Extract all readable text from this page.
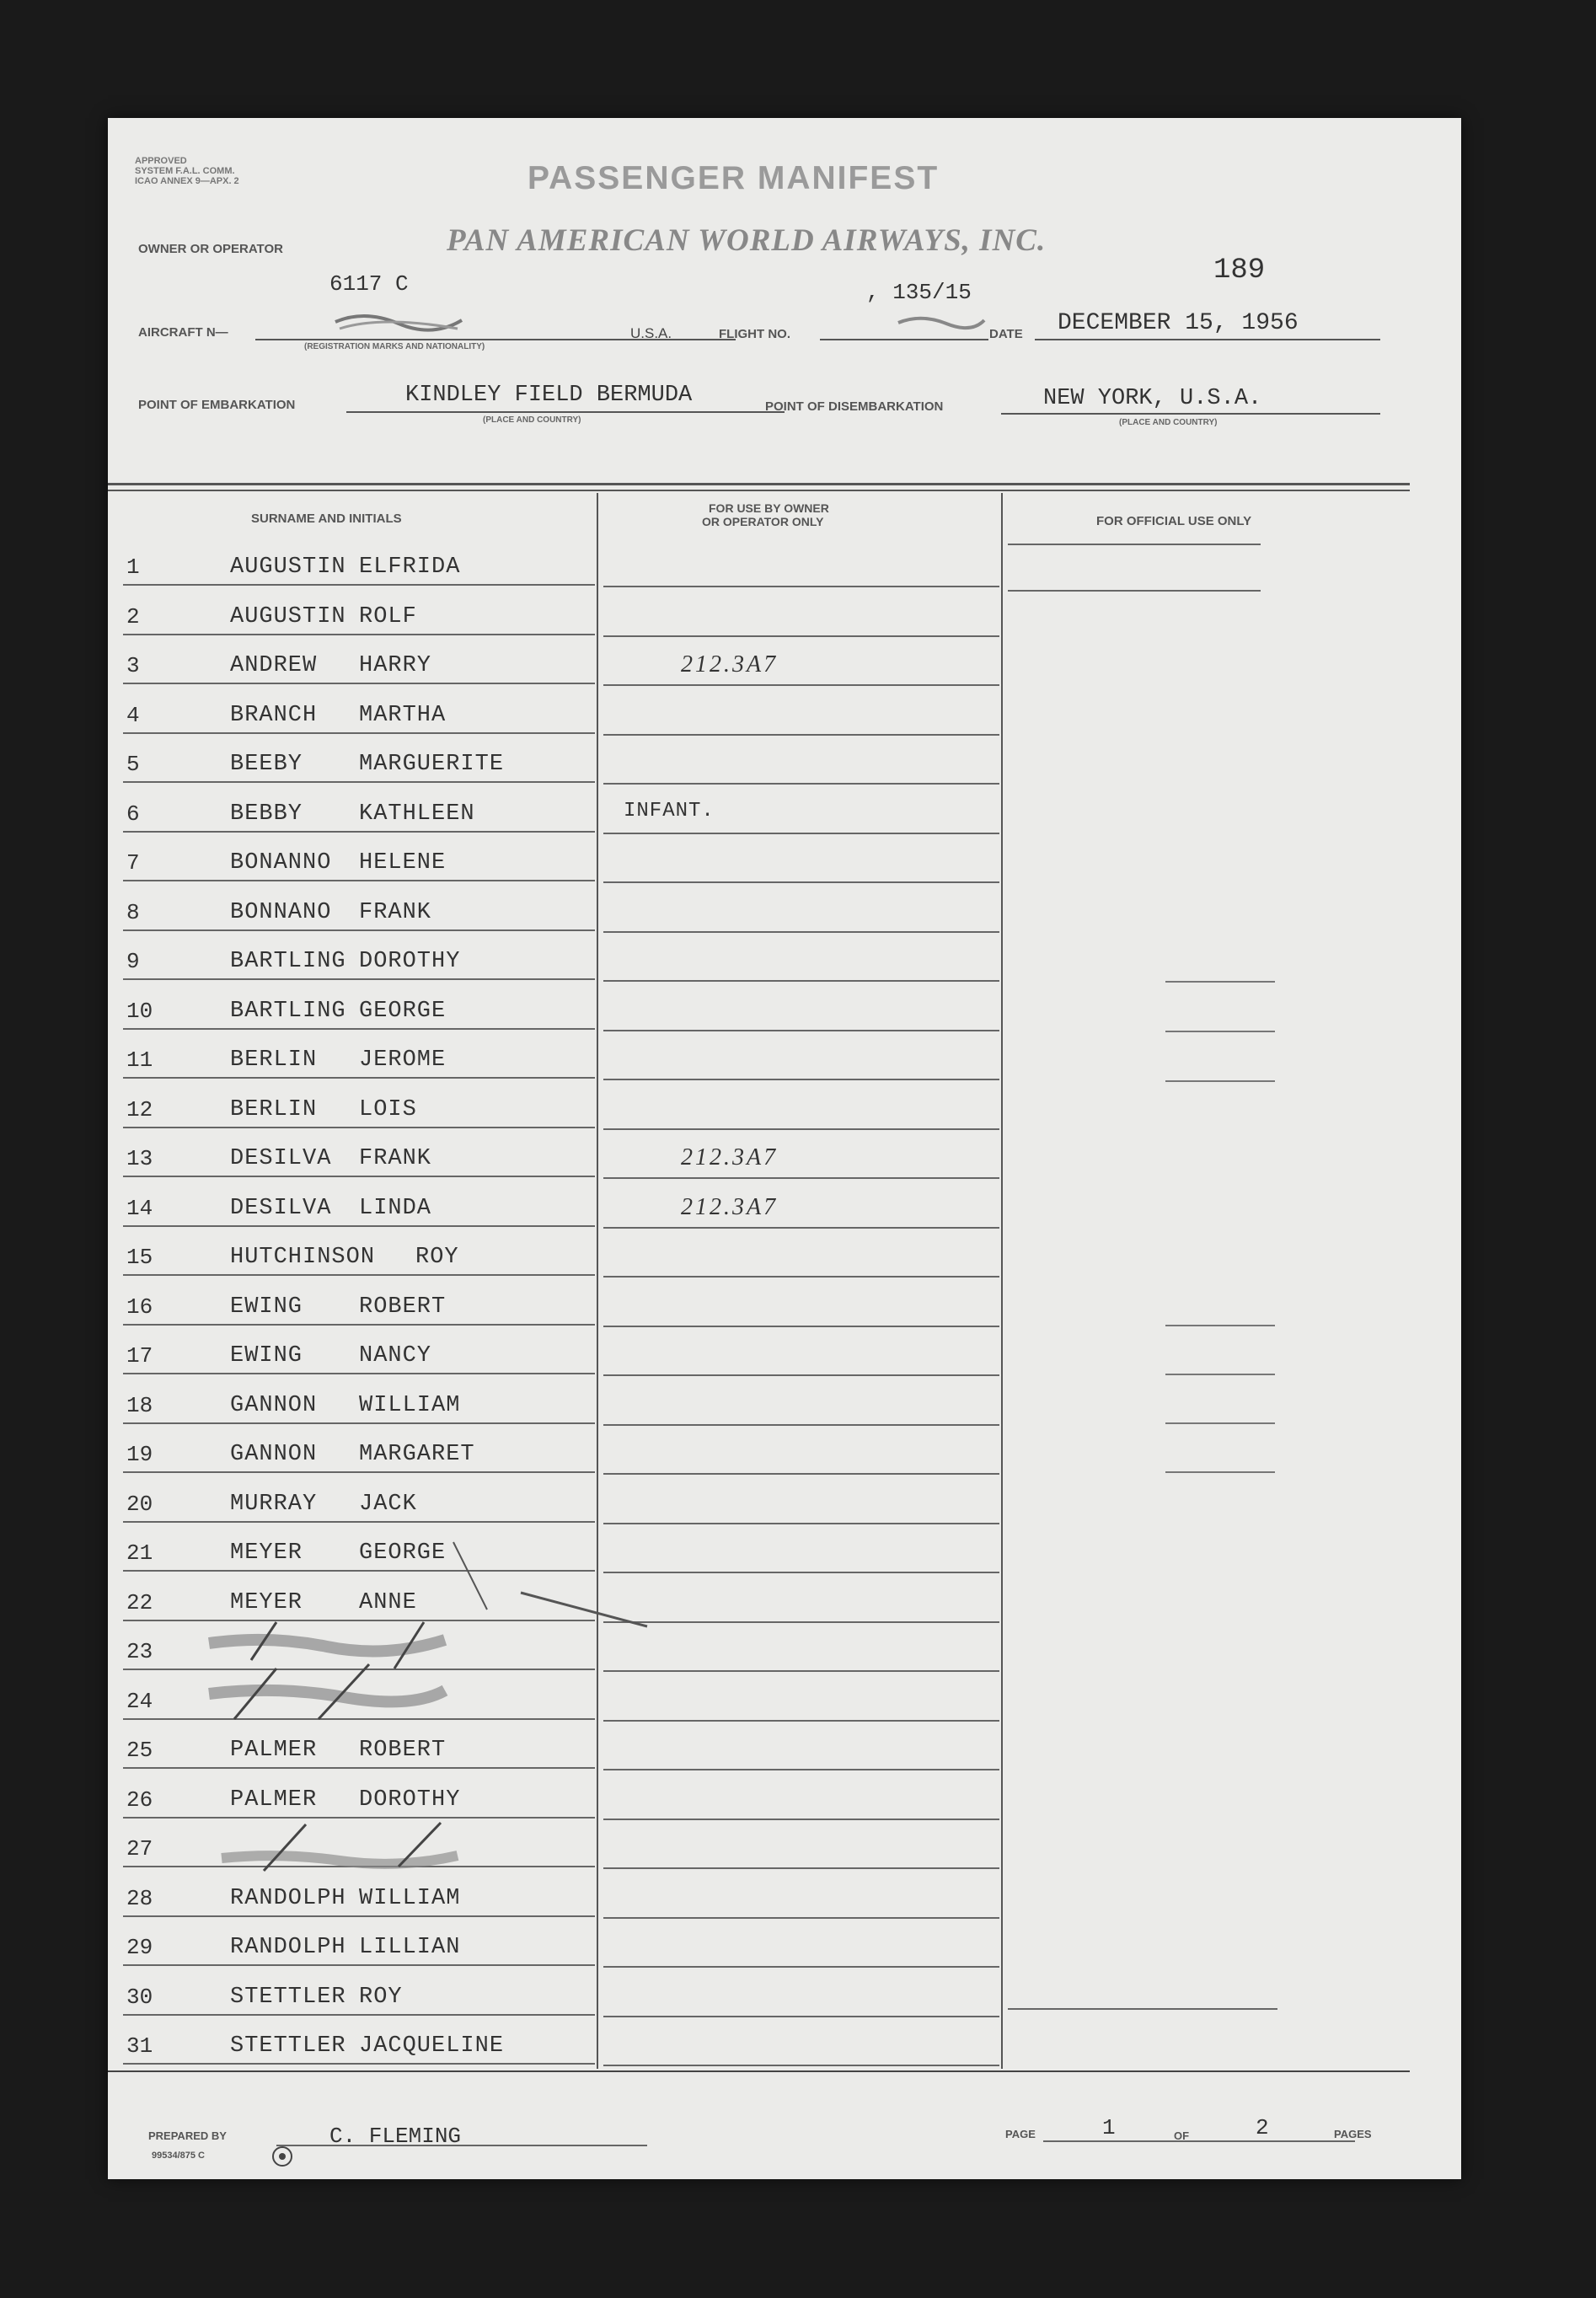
APPROVED
SYSTEM F.A.L. COMM.
ICAO ANNEX 9—APX. 2	PASSENGER MANIFEST
189
OWNER OR OPERATOR	PAN AMERICAN WORLD AIRWAYS, INC.
6117 C
AIRCRAFT N—
(REGISTRATION MARKS AND NATIONALITY)
U.S.A.	FLIGHT NO.
, 135/15
DATE DECEMBER 15, 1956
POINT OF EMBARKATION	KINDLEY FIELD BERMUDA
(PLACE AND COUNTRY)
POINT OF DISEMBARKATION	NEW YORK, U.S.A.
(PLACE AND COUNTRY)
SURNAME AND INITIALS
FOR USE BY OWNER
OR OPERATOR ONLY	FOR OFFICIAL USE ONLY
1	AUGUSTIN ELFRIDA
2	AUGUSTIN ROLF
3	ANDREW HARRY	212.3A7
4	BRANCH MARTHA
5	BEEBY MARGUERITE
6	BEBBY KATHLEEN	INFANT.
7	BONANNO HELENE
8	BONNANO FRANK
9	BARTLING DOROTHY
10	BARTLING GEORGE
11	BERLIN JEROME
12	BERLIN LOIS
13	DESILVA FRANK	212.3A7
14	DESILVA LINDA	212.3A7
15	HUTCHINSON ROY
16	EWING ROBERT
17	EWING NANCY
18	GANNON WILLIAM
19	GANNON MARGARET
20	MURRAY JACK
21	MEYER GEORGE
22	MEYER ANNE
23
24
25	PALMER ROBERT
26	PALMER DOROTHY
27
28	RANDOLPH WILLIAM
29	RANDOLPH LILLIAN
30	STETTLER ROY
31	STETTLER JACQUELINE
PREPARED BY	C. FLEMING
99534/875 C
PAGE	1	OF	2	PAGES
